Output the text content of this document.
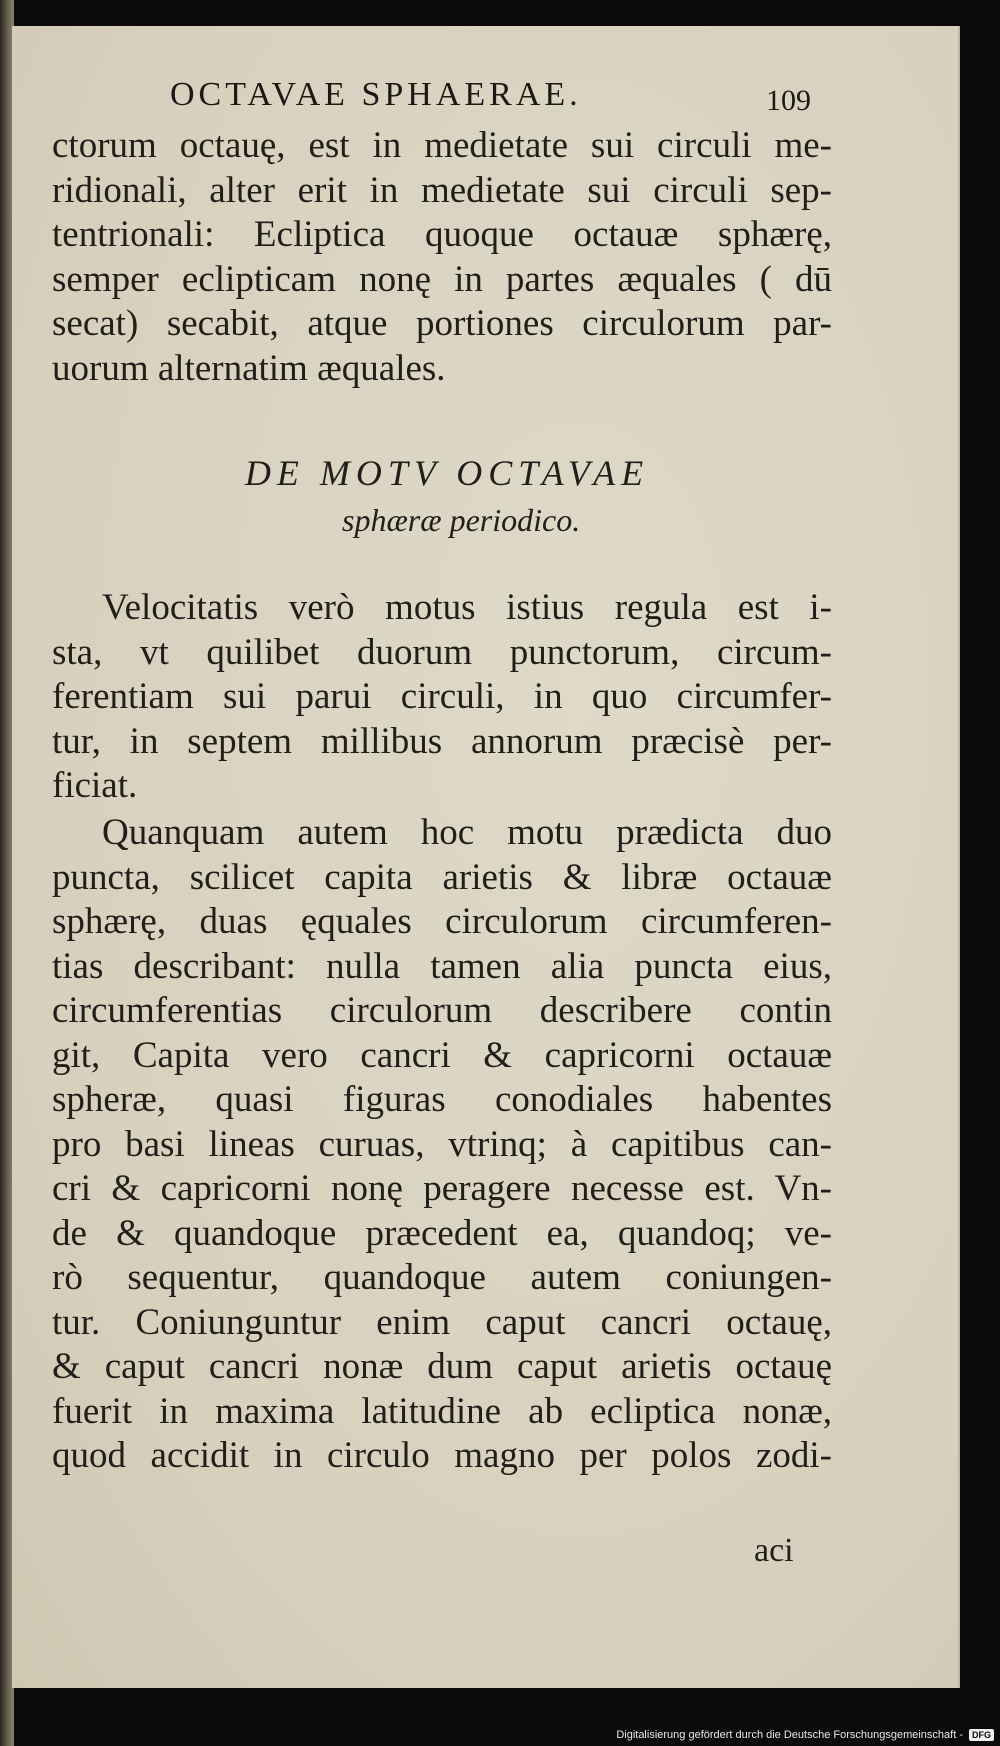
OCTAVAE SPHAERAE.	109
ctorum octauę, est in medietate sui circuli me-
ridionali, alter erit in medietate sui circuli sep-
tentrionali: Ecliptica quoque octauæ sphærę,
semper eclipticam nonę in partes æquales ( dū
secat) secabit, atque portiones circulorum par-
uorum alternatim æquales.
DE MOTV OCTAVAE
sphæræ periodico.
Velocitatis verò motus istius regula est i-
sta, vt quilibet duorum punctorum, circum-
ferentiam sui parui circuli, in quo circumfer-
tur, in septem millibus annorum præcisè per-
ficiat.
Quanquam autem hoc motu prædicta duo
puncta, scilicet capita arietis & libræ octauæ
sphærę, duas ęquales circulorum circumferen-
tias describant: nulla tamen alia puncta eius,
circumferentias circulorum describere contin
git, Capita vero cancri & capricorni octauæ
spheræ, quasi figuras conodiales habentes
pro basi lineas curuas, vtrinq; à capitibus can-
cri & capricorni nonę peragere necesse est. Vn-
de & quandoque præcedent ea, quandoq; ve-
rò sequentur, quandoque autem coniungen-
tur. Coniunguntur enim caput cancri octauę,
& caput cancri nonæ dum caput arietis octauę
fuerit in maxima latitudine ab ecliptica nonæ,
quod accidit in circulo magno per polos zodi-
aci
Digitalisierung gefördert durch die Deutsche Forschungsgemeinschaft -	DFG
